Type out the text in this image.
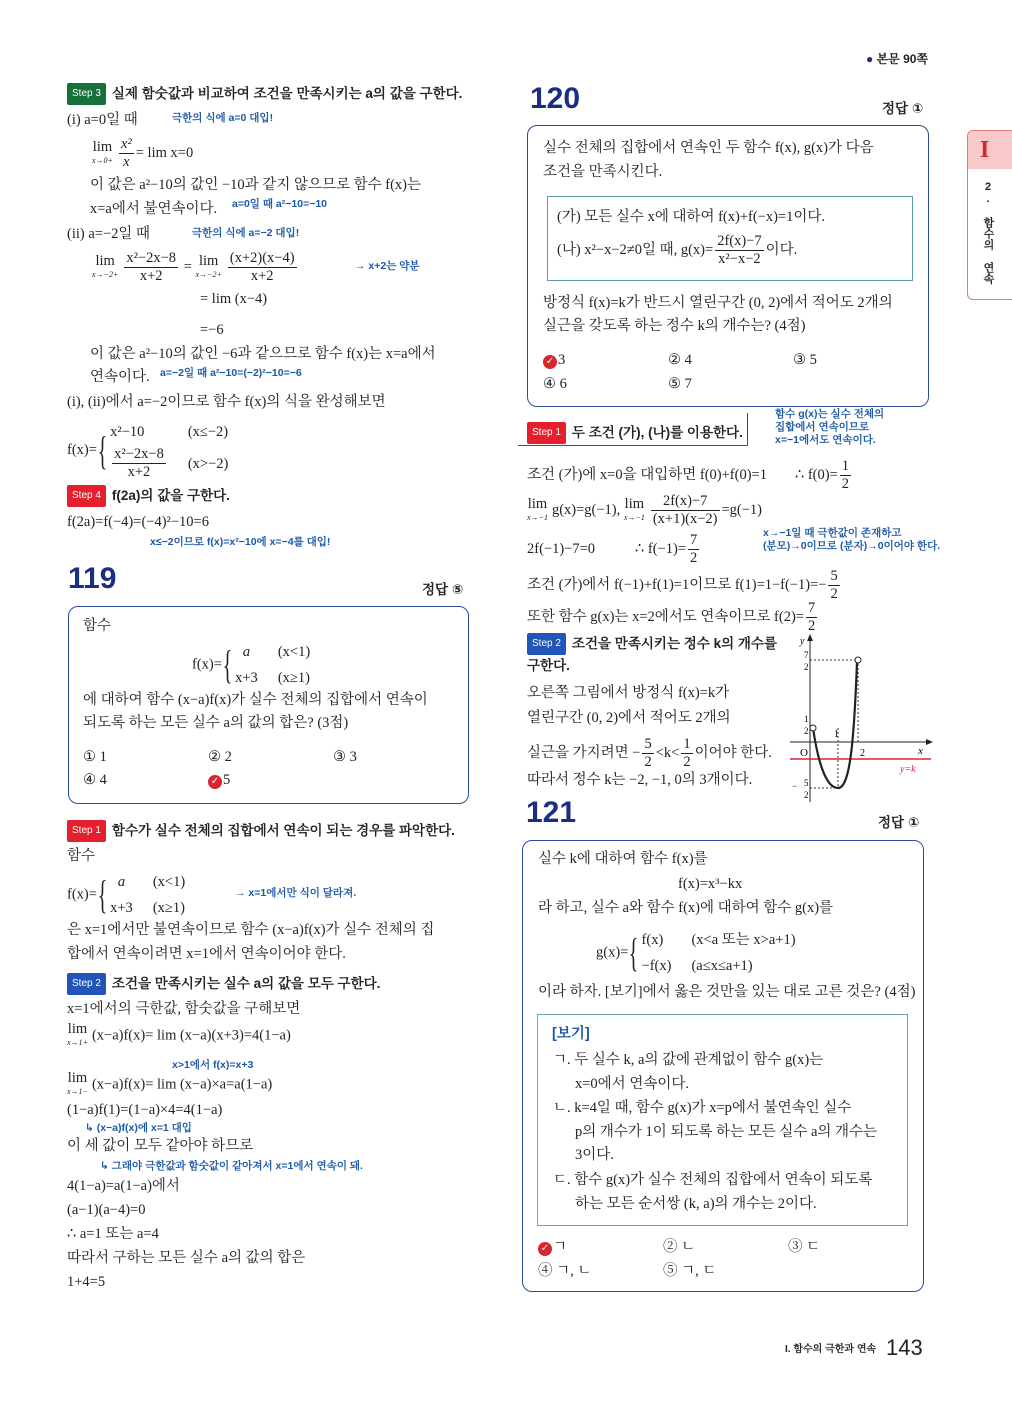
● 본문 90쪽
I
2. 함수의 연속
Step 3 실제 함숫값과 비교하여 조건을 만족시키는 a의 값을 구한다.
(i) a=0일 때	극한의 식에 a=0 대입!
lim
$x\to 0+ \frac{\text{x²}}{x} = \lim x=0$
이 값은 a²−10의 값인 −10과 같지 않으므로 함수 f(x)는
x=a에서 불연속이다. a=0일 때 a²−10=−10
(ii) a=−2일 때	극한의 식에 a=−2 대입!
lim
$x\to-2+ \frac{\text{x²−2x−8}}{x+2} = \lim$
$x\to-2+ \frac{(x+2)(x-4)}{x+2}$	→ x+2는 약분
= lim (x−4)
=−6
이 값은 a²−10의 값인 −6과 같으므로 함수 f(x)는 x=a에서
연속이다. a=−2일 때 a²−10=(−2)²−10=−6
(i), (ii)에서 a=−2이므로 함수 f(x)의 식을 완성해보면
f(x)={ x²−10	(x≤−2)

$\frac{\text{x²−2x−8}}{x+2}$	(x>−2)
Step 4 f(2a)의 값을 구한다.
f(2a)=f(−4)=(−4)²−10=6
x≤−2이므로 f(x)=x²−10에 x=−4를 대입!
119	정답 ⑤
함수
f(x)={ a	(x<1)
x+3	(x≥1)
에 대하여 함수 (x−a)f(x)가 실수 전체의 집합에서 연속이
되도록 하는 모든 실수 a의 값의 합은? (3점)
① 1	② 2	③ 3
④ 4	✓ 5
Step 1 함수가 실수 전체의 집합에서 연속이 되는 경우를 파악한다.
함수
f(x)={ a	(x<1)
x+3	(x≥1)
→ x=1에서만 식이 달라져.
은 x=1에서만 불연속이므로 함수 (x−a)f(x)가 실수 전체의 집
합에서 연속이려면 x=1에서 연속이어야 한다.
Step 2 조건을 만족시키는 실수 a의 값을 모두 구한다.
x=1에서의 극한값, 함숫값을 구해보면
lim
x→1+ (x−a)f(x)= lim (x−a)(x+3)=4(1−a)
x>1에서 f(x)=x+3
lim
x→1− (x−a)f(x)= lim (x−a)×a=a(1−a)
(1−a)f(1)=(1−a)×4=4(1−a)
↳ (x−a)f(x)에 x=1 대입
이 세 값이 모두 같아야 하므로
↳ 그래야 극한값과 함숫값이 같아져서 x=1에서 연속이 돼.
4(1−a)=a(1−a)에서
(a−1)(a−4)=0
∴ a=1 또는 a=4
따라서 구하는 모든 실수 a의 값의 합은
1+4=5
120	정답 ①
실수 전체의 집합에서 연속인 두 함수 f(x), g(x)가 다음
조건을 만족시킨다.
(가) 모든 실수 x에 대하여 f(x)+f(−x)=1이다.
(나) x²−x−2≠0일 때, $g(x)= \frac{2f(x)-7}{\text{x²−x−2}}$ 이다.
방정식 f(x)=k가 반드시 열린구간 (0, 2)에서 적어도 2개의
실근을 갖도록 하는 정수 k의 개수는? (4점)
✓ 3	② 4	③ 5
④ 6	⑤ 7
Step 1 두 조건 (가), (나)를 이용한다.
함수 g(x)는 실수 전체의
집합에서 연속이므로
x=−1에서도 연속이다.
조건 (가)에 x=0을 대입하면 f(0)+f(0)=1 ∴ $f(0)= \frac{1}{2}$
lim
x→−1 g(x)=g(−1), lim
$x\to-1 \frac{2f(x)-7}{(x+1)(x-2)} =g(-1)$
2f(−1)−7=0	∴ $f(-1)= \frac{7}{2}$	x→−1일 때 극한값이 존재하고
(분모)→0이므로 (분자)→0이어야 한다.
조건 (가)에서 f(−1)+f(1)=1이므로 $f(1)=1-f(-1)=- \frac{5}{2}$
또한 함수 g(x)는 x=2에서도 연속이므로 $f(2)= \frac{7}{2}$
Step 2 조건을 만족시키는 정수 k의 개수를
구한다.
오른쪽 그림에서 방정식 f(x)=k가
열린구간 (0, 2)에서 적어도 2개의
실근을 가지려면 − $\frac{5}{2} <k< \frac{1}{2}$ 이어야 한다.
따라서 정수 k는 −2, −1, 0의 3개이다.
y
x
O
1
2
y=k
7
2
1
2
− 5
2
121	정답 ①
실수 k에 대하여 함수 f(x)를
f(x)=x³−kx
라 하고, 실수 a와 함수 f(x)에 대하여 함수 g(x)를
g(x)={ f(x)	(x<a 또는 x>a+1)
−f(x)	(a≤x≤a+1)
이라 하자. [보기]에서 옳은 것만을 있는 대로 고른 것은? (4점)
[보기]
ㄱ. 두 실수 k, a의 값에 관계없이 함수 g(x)는
x=0에서 연속이다.
ㄴ. k=4일 때, 함수 g(x)가 x=p에서 불연속인 실수
p의 개수가 1이 되도록 하는 모든 실수 a의 개수는
3이다.
ㄷ. 함수 g(x)가 실수 전체의 집합에서 연속이 되도록
하는 모든 순서쌍 (k, a)의 개수는 2이다.
✓ ㄱ	② ㄴ	③ ㄷ
④ ㄱ, ㄴ	⑤ ㄱ, ㄷ
I. 함수의 극한과 연속 143
